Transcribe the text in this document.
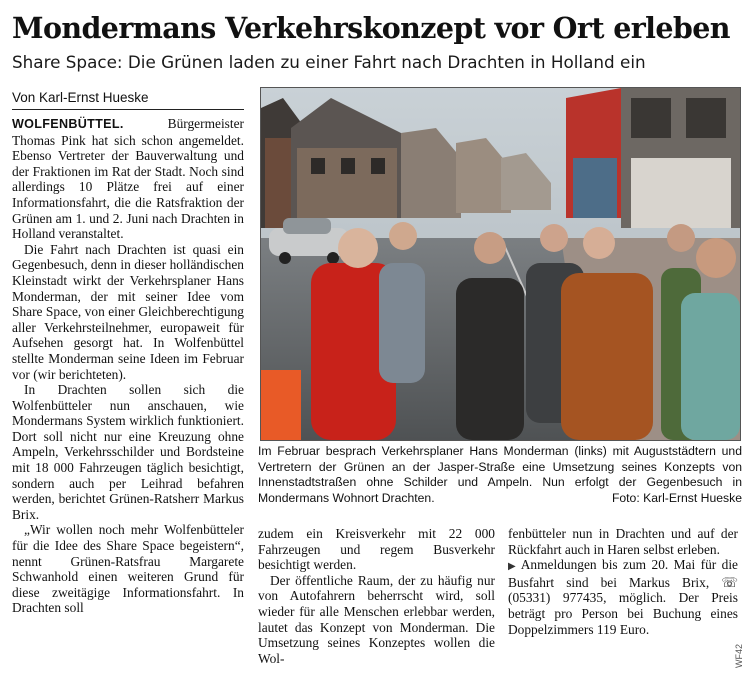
Mondermans Verkehrskonzept vor Ort erleben
Share Space: Die Grünen laden zu einer Fahrt nach Drachten in Holland ein
Von Karl-Ernst Hueske

WOLFENBÜTTEL. Bürgermeister Thomas Pink hat sich schon angemeldet. Ebenso Vertreter der Bauverwaltung und der Fraktionen im Rat der Stadt. Noch sind allerdings 10 Plätze frei auf einer Informationsfahrt, die die Ratsfraktion der Grünen am 1. und 2. Juni nach Drachten in Holland veranstaltet.

Die Fahrt nach Drachten ist quasi ein Gegenbesuch, denn in dieser holländischen Kleinstadt wirkt der Verkehrsplaner Hans Monderman, der mit seiner Idee vom Share Space, von einer Gleichberechtigung aller Verkehrsteilnehmer, europaweit für Aufsehen gesorgt hat. In Wolfenbüttel stellte Monderman seine Ideen im Februar vor (wir berichteten).

In Drachten sollen sich die Wolfenbütteler nun anschauen, wie Mondermans System wirklich funktioniert. Dort soll nicht nur eine Kreuzung ohne Ampeln, Verkehrsschilder und Bordsteine mit 18 000 Fahrzeugen täglich besichtigt, sondern auch per Leihrad befahren werden, berichtet Grünen-Ratsherr Markus Brix.

„Wir wollen noch mehr Wolfenbütteler für die Idee des Share Space begeistern“, nennt Grünen-Ratsfrau Margarete Schwanhold einen weiteren Grund für diese zweitägige Informationsfahrt. In Drachten soll

Im Februar besprach Verkehrsplaner Hans Monderman (links) mit Auguststädtern und Vertretern der Grünen an der Jasper-Straße eine Umsetzung seines Konzepts von Innenstadtstraßen ohne Schilder und Ampeln. Nun erfolgt der Gegenbesuch in Mondermans Wohnort Drachten.	Foto: Karl-Ernst Hueske

zudem ein Kreisverkehr mit 22 000 Fahrzeugen und regem Busverkehr besichtigt werden.

Der öffentliche Raum, der zu häufig nur von Autofahrern beherrscht wird, soll wieder für alle Menschen erlebbar werden, lautet das Konzept von Monderman. Die Umsetzung seines Konzeptes wollen die Wol-

fenbütteler nun in Drachten und auf der Rückfahrt auch in Haren selbst erleben.

▶ Anmeldungen bis zum 20. Mai für die Busfahrt sind bei Markus Brix, ☏ (05331) 977435, möglich. Der Preis beträgt pro Person bei Buchung eines Doppelzimmers 119 Euro.

WF42
